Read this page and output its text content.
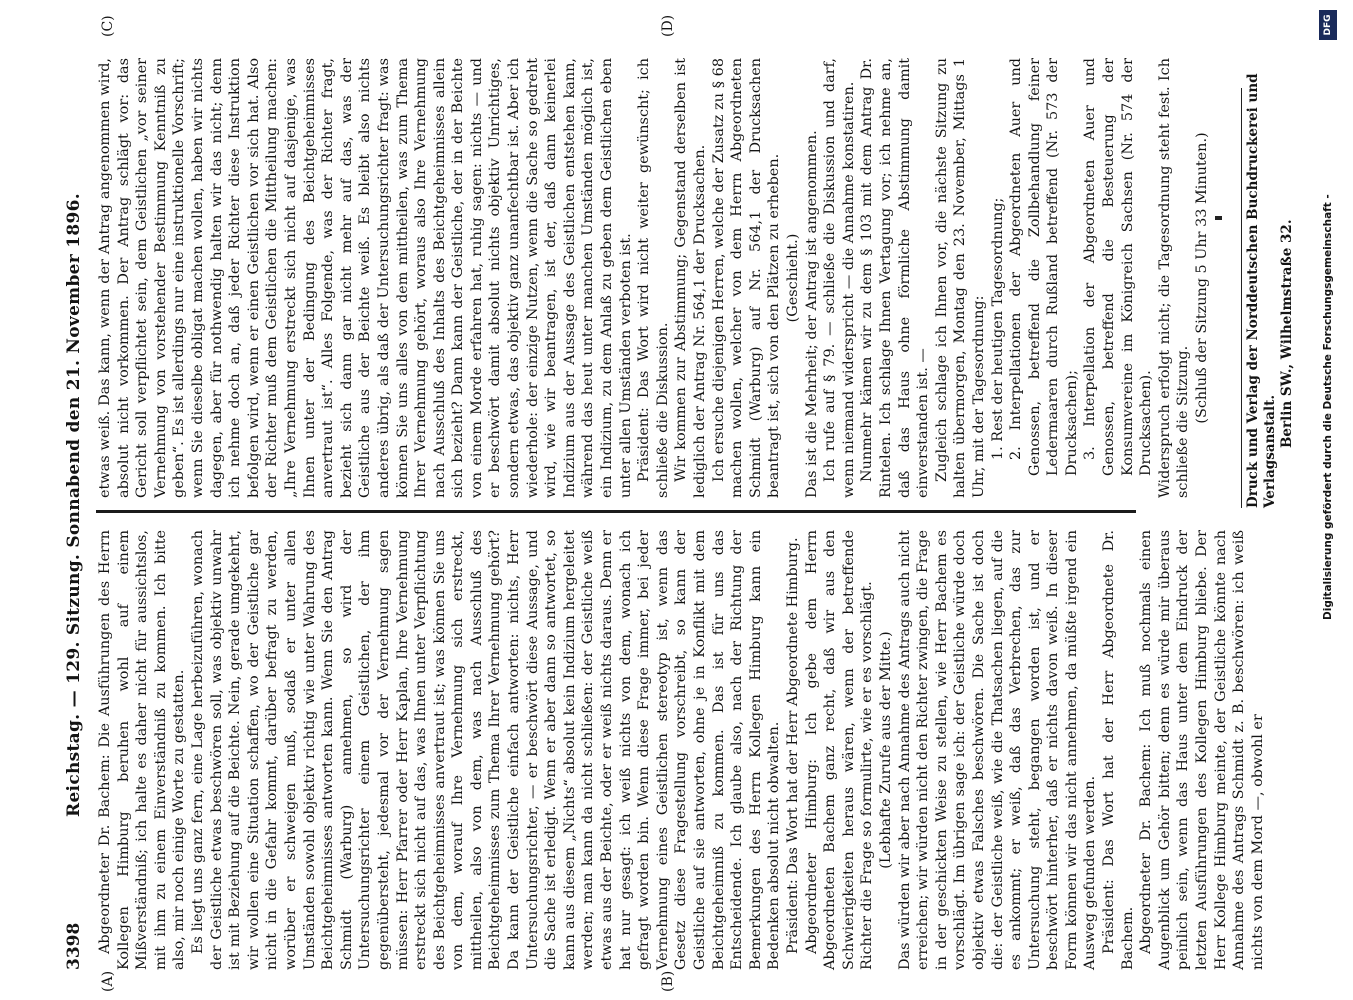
3398
Reichstag. — 129. Sitzung. Sonnabend den 21. November 1896.
(A)	(B)
(C)	(D)

Abgeordneter Dr. Bachem: Die Ausführungen des Herrn Kollegen Himburg beruhen wohl auf einem Mißverständniß; ich halte es daher nicht für aussichtslos, mit ihm zu einem Einverständniß zu kommen. Ich bitte also, mir noch einige Worte zu gestatten. Es liegt uns ganz fern, eine Lage herbeizuführen, wonach der Geistliche etwas beschwören soll, was objektiv unwahr ist mit Beziehung auf die Beichte. Nein, gerade umgekehrt, wir wollen eine Situation schaffen, wo der Geistliche gar nicht in die Gefahr kommt, darüber befragt zu werden, worüber er schweigen muß, sodaß er unter allen Umständen sowohl objektiv richtig wie unter Wahrung des Beichtgeheimnisses antworten kann. Wenn Sie den Antrag Schmidt (Warburg) annehmen, so wird der Untersuchungsrichter einem Geistlichen, der ihm gegenübersteht, jedesmal vor der Vernehmung sagen müssen: Herr Pfarrer oder Herr Kaplan, Ihre Vernehmung erstreckt sich nicht auf das, was Ihnen unter Verpflichtung des Beichtgeheimnisses anvertraut ist; was können Sie uns von dem, worauf Ihre Vernehmung sich erstreckt, mittheilen, also von dem, was nach Ausschluß des Beichtgeheimnisses zum Thema Ihrer Vernehmung gehört? Da kann der Geistliche einfach antworten: nichts, Herr Untersuchungsrichter, — er beschwört diese Aussage, und die Sache ist erledigt. Wenn er aber dann so antwortet, so kann aus diesem „Nichts“ absolut kein Indizium hergeleitet werden; man kann da nicht schließen: der Geistliche weiß etwas aus der Beichte, oder er weiß nichts daraus. Denn er hat nur gesagt: ich weiß nichts von dem, wonach ich gefragt worden bin. Wenn diese Frage immer, bei jeder Vernehmung eines Geistlichen stereotyp ist, wenn das Gesetz diese Fragestellung vorschreibt, so kann der Geistliche auf sie antworten, ohne je in Konflikt mit dem Beichtgeheimniß zu kommen. Das ist für uns das Entscheidende. Ich glaube also, nach der Richtung der Bemerkungen des Herrn Kollegen Himburg kann ein Bedenken absolut nicht obwalten. Präsident: Das Wort hat der Herr Abgeordnete Himburg. Abgeordneter Himburg: Ich gebe dem Herrn Abgeordneten Bachem ganz recht, daß wir aus den Schwierigkeiten heraus wären, wenn der betreffende Richter die Frage so formulirte, wie er es vorschlägt. (Lebhafte Zurufe aus der Mitte.) Das würden wir aber nach Annahme des Antrags auch nicht erreichen; wir würden nicht den Richter zwingen, die Frage in der geschickten Weise zu stellen, wie Herr Bachem es vorschlägt. Im übrigen sage ich: der Geistliche würde doch objektiv etwas Falsches beschwören. Die Sache ist doch die: der Geistliche weiß, wie die Thatsachen liegen, auf die es ankommt; er weiß, daß das Verbrechen, das zur Untersuchung steht, begangen worden ist, und er beschwört hinterher, daß er nichts davon weiß. In dieser Form können wir das nicht annehmen, da müßte irgend ein Ausweg gefunden werden. Präsident: Das Wort hat der Herr Abgeordnete Dr. Bachem. Abgeordneter Dr. Bachem: Ich muß nochmals einen Augenblick um Gehör bitten; denn es würde mir überaus peinlich sein, wenn das Haus unter dem Eindruck der letzten Ausführungen des Kollegen Himburg bliebe. Der Herr Kollege Himburg meinte, der Geistliche könnte nach Annahme des Antrags Schmidt z. B. beschwören: ich weiß nichts von dem Mord —, obwohl er

etwas weiß. Das kann, wenn der Antrag angenommen wird, absolut nicht vorkommen. Der Antrag schlägt vor: das Gericht soll verpflichtet sein, dem Geistlichen „vor seiner Vernehmung von vorstehender Bestimmung Kenntniß zu geben“. Es ist allerdings nur eine instruktionelle Vorschrift; wenn Sie dieselbe obligat machen wollen, haben wir nichts dagegen, aber für nothwendig halten wir das nicht; denn ich nehme doch an, daß jeder Richter diese Instruktion befolgen wird, wenn er einen Geistlichen vor sich hat. Also der Richter muß dem Geistlichen die Mittheilung machen: „Ihre Vernehmung erstreckt sich nicht auf dasjenige, was Ihnen unter der Bedingung des Beichtgeheimnisses anvertraut ist“. Alles Folgende, was der Richter fragt, bezieht sich dann gar nicht mehr auf das, was der Geistliche aus der Beichte weiß. Es bleibt also nichts anderes übrig, als daß der Untersuchungsrichter fragt: was können Sie uns alles von dem mittheilen, was zum Thema Ihrer Vernehmung gehört, woraus also Ihre Vernehmung nach Ausschluß des Inhalts des Beichtgeheimnisses allein sich bezieht? Dann kann der Geistliche, der in der Beichte von einem Morde erfahren hat, ruhig sagen: nichts — und er beschwört damit absolut nichts objektiv Unrichtiges, sondern etwas, das objektiv ganz unanfechtbar ist. Aber ich wiederhole: der einzige Nutzen, wenn die Sache so gedreht wird, wie wir beantragen, ist der, daß dann keinerlei Indizium aus der Aussage des Geistlichen entstehen kann, während das heut unter manchen Umständen möglich ist, ein Indizium, zu dem Anlaß zu geben dem Geistlichen eben unter allen Umständen verboten ist. Präsident: Das Wort wird nicht weiter gewünscht; ich schließe die Diskussion. Wir kommen zur Abstimmung; Gegenstand derselben ist lediglich der Antrag Nr. 564,1 der Drucksachen. Ich ersuche diejenigen Herren, welche der Zusatz zu § 68 machen wollen, welcher von dem Herrn Abgeordneten Schmidt (Warburg) auf Nr. 564,1 der Drucksachen beantragt ist, sich von den Plätzen zu erheben. (Geschieht.) Das ist die Mehrheit; der Antrag ist angenommen. Ich rufe auf § 79. — schließe die Diskussion und darf, wenn niemand widerspricht — die Annahme konstatiren. Nunmehr kämen wir zu dem § 103 mit dem Antrag Dr. Rintelen. Ich schlage Ihnen Vertagung vor; ich nehme an, daß das Haus ohne förmliche Abstimmung damit einverstanden ist. — Zugleich schlage ich Ihnen vor, die nächste Sitzung zu halten übermorgen, Montag den 23. November, Mittags 1 Uhr, mit der Tagesordnung: 1. Rest der heutigen Tagesordnung; 2. Interpellationen der Abgeordneten Auer und Genossen, betreffend die Zollbehandlung feiner Ledermaaren durch Rußland betreffend (Nr. 573 der Drucksachen); 3. Interpellation der Abgeordneten Auer und Genossen, betreffend die Besteuerung der Konsumvereine im Königreich Sachsen (Nr. 574 der Drucksachen). Widerspruch erfolgt nicht; die Tagesordnung steht fest. Ich schließe die Sitzung. (Schluß der Sitzung 5 Uhr 33 Minuten.)	Druck und Verlag der Norddeutschen Buchdruckerei und Verlagsanstalt.
Berlin SW., Wilhelmstraße 32.	Digitalisierung gefördert durch die Deutsche Forschungsgemeinschaft -
DFG
